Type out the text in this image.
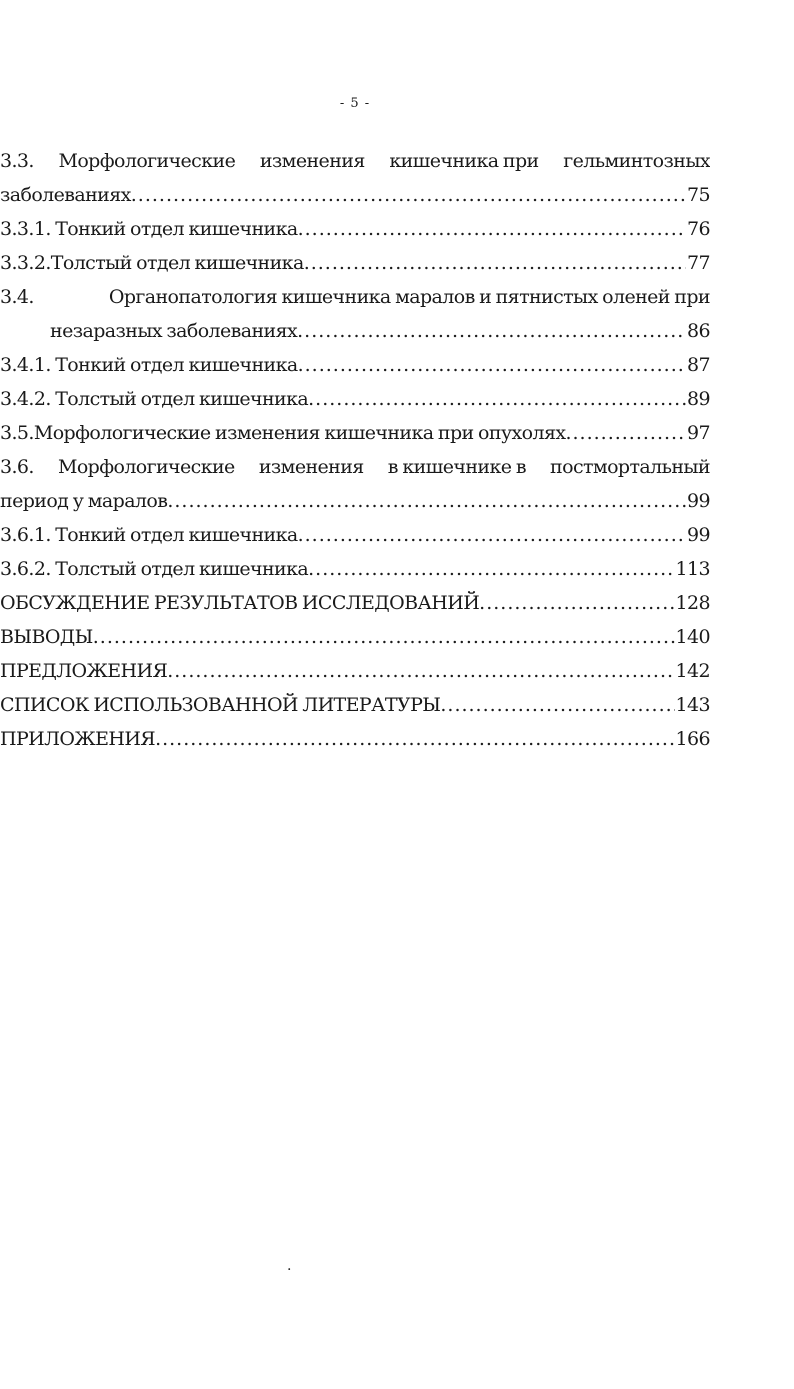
- 5 -
3.3. Морфологические изменения кишечника при гельминтозных
заболеваниях .....	75
3.3.1. Тонкий отдел кишечника .....	76
3.3.2.Толстый отдел кишечника .....	77
3.4.	Органопатология кишечника маралов и пятнистых оленей при
незаразных заболеваниях .....	86
3.4.1. Тонкий отдел кишечника .....	87
3.4.2. Толстый отдел кишечника .....	89
3.5.Морфологические изменения кишечника при опухолях .....	97
3.6. Морфологические изменения в кишечнике в постмортальный
период у маралов .....	99
3.6.1. Тонкий отдел кишечника .....	99
3.6.2. Толстый отдел кишечника .....	113
ОБСУЖДЕНИЕ РЕЗУЛЬТАТОВ ИССЛЕДОВАНИЙ .....	128
ВЫВОДЫ .....	140
ПРЕДЛОЖЕНИЯ .....	142
СПИСОК ИСПОЛЬЗОВАННОЙ ЛИТЕРАТУРЫ .....	143
ПРИЛОЖЕНИЯ .....	166
.
